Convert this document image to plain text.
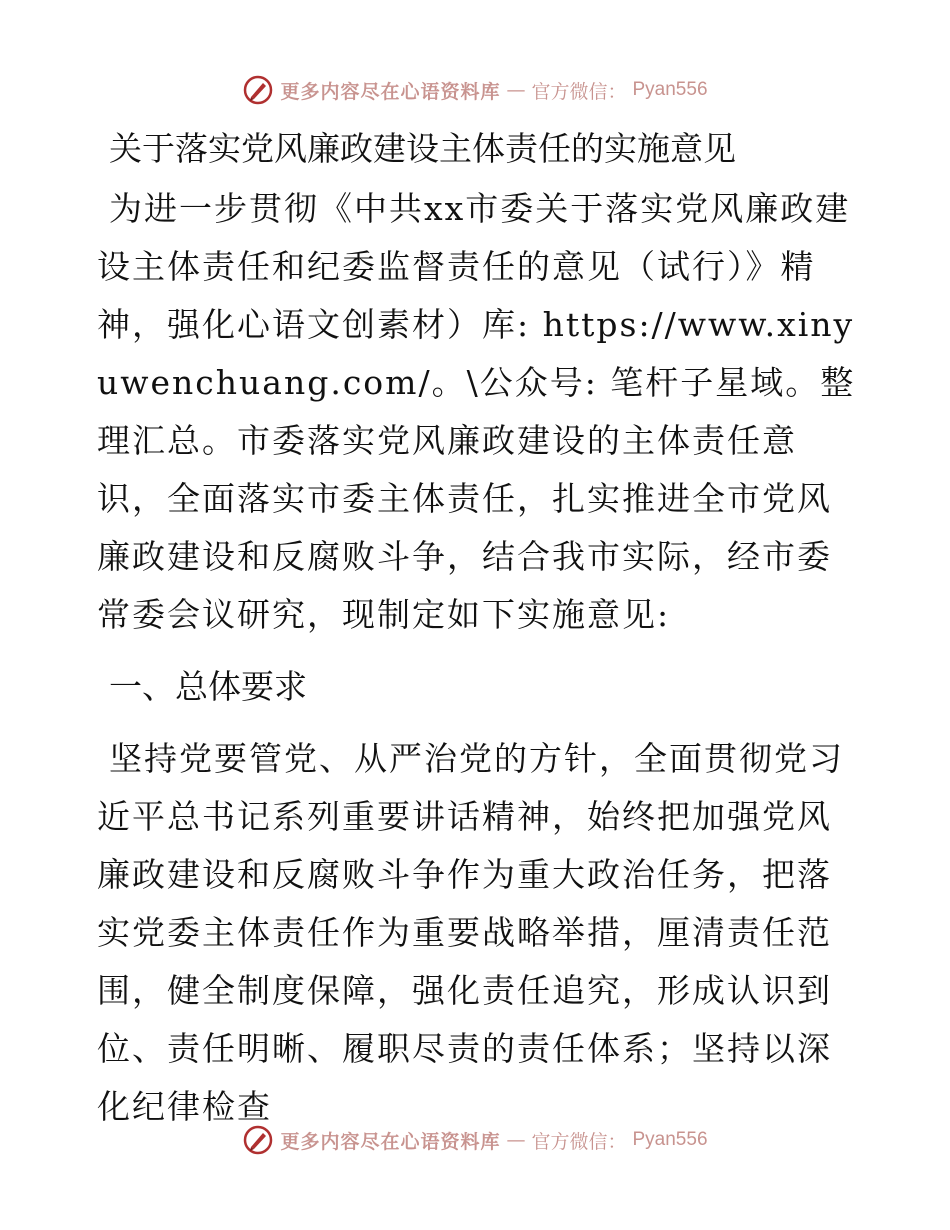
更多内容尽在心语资料库 — 官方微信： Pyan556
关于落实党风廉政建设主体责任的实施意见

为进一步贯彻《中共xx市委关于落实党风廉政建设主体责任和纪委监督责任的意见（试行）》精神，强化心语文创素材）库: https://www.xinyuwenchuang.com/。\公众号: 笔杆子星域。整理汇总。市委落实党风廉政建设的主体责任意识，全面落实市委主体责任，扎实推进全市党风廉政建设和反腐败斗争，结合我市实际，经市委常委会议研究，现制定如下实施意见:

一、总体要求

坚持党要管党、从严治党的方针，全面贯彻党习近平总书记系列重要讲话精神，始终把加强党风廉政建设和反腐败斗争作为重大政治任务，把落实党委主体责任作为重要战略举措，厘清责任范围，健全制度保障，强化责任追究，形成认识到位、责任明晰、履职尽责的责任体系；坚持以深化纪律检查

更多内容尽在心语资料库 — 官方微信： Pyan556
